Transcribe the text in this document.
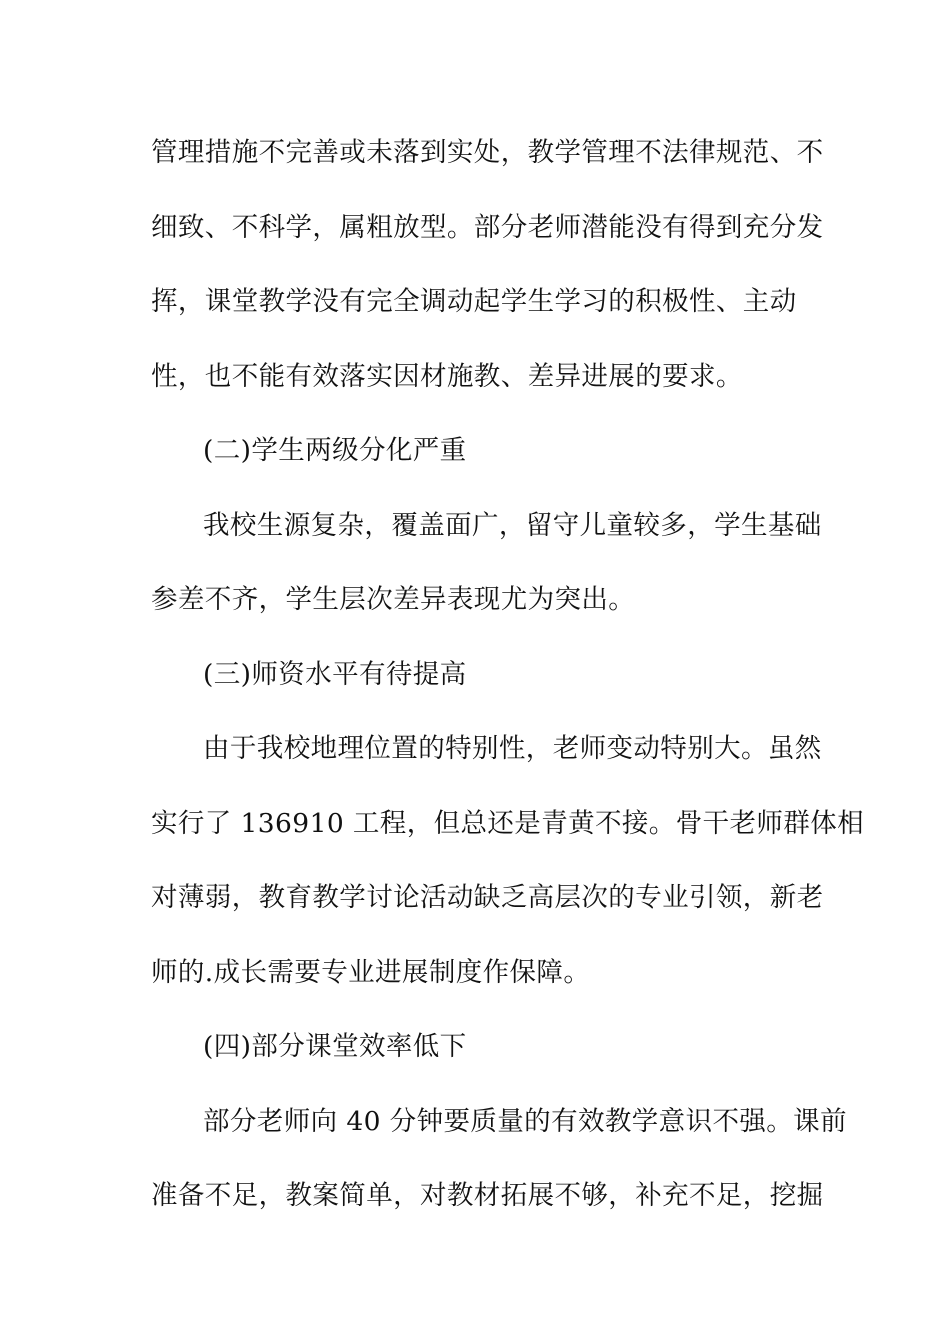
管理措施不完善或未落到实处，教学管理不法律规范、不
细致、不科学，属粗放型。部分老师潜能没有得到充分发
挥，课堂教学没有完全调动起学生学习的积极性、主动
性，也不能有效落实因材施教、差异进展的要求。
(二)学生两级分化严重
我校生源复杂，覆盖面广，留守儿童较多，学生基础
参差不齐，学生层次差异表现尤为突出。
(三)师资水平有待提高
由于我校地理位置的特别性，老师变动特别大。虽然
实行了 136910 工程，但总还是青黄不接。骨干老师群体相
对薄弱，教育教学讨论活动缺乏高层次的专业引领，新老
师的.成长需要专业进展制度作保障。
(四)部分课堂效率低下
部分老师向 40 分钟要质量的有效教学意识不强。课前
准备不足，教案简单，对教材拓展不够，补充不足，挖掘
